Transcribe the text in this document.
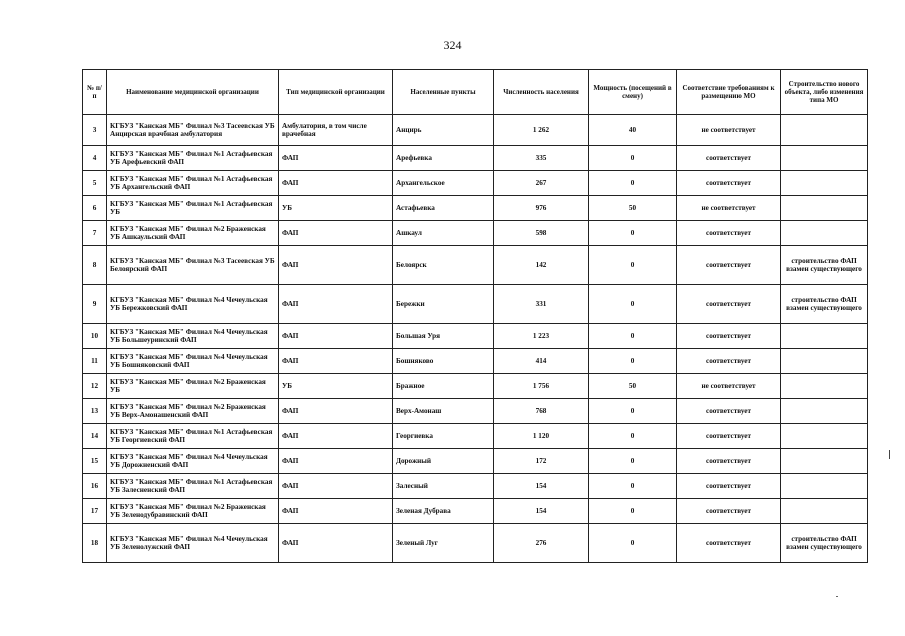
324
№ п/п	Наименование медицинской организации	Тип медицинской организации	Населенные пункты	Численность населения	Мощность (посещений в смену)	Соответствие требованиям к размещению МО	Строительство нового объекта, либо изменения типа МО
3	КГБУЗ "Канская МБ" Филиал №3 Тасеевская УБ Анцирская врачбная амбулатория	Амбулатория, в том числе врачебная	Анцирь	1 262	40	не соответствует	
4	КГБУЗ "Канская МБ" Филиал №1 Астафьевская УБ Арефьевский ФАП	ФАП	Арефьевка	335	0	соответствует	
5	КГБУЗ "Канская МБ" Филиал №1 Астафьевская УБ Архангельский ФАП	ФАП	Архангельское	267	0	соответствует	
6	КГБУЗ "Канская МБ" Филиал №1 Астафьевская УБ	УБ	Астафьевка	976	50	не соответствует	
7	КГБУЗ "Канская МБ" Филиал №2 Браженская УБ Ашкаульский ФАП	ФАП	Ашкаул	598	0	соответствует	
8	КГБУЗ "Канская МБ" Филиал №3 Тасеевская УБ Белоярский ФАП	ФАП	Белоярск	142	0	соответствует	строительство ФАП взамен существующего
9	КГБУЗ "Канская МБ" Филиал №4 Чечеульская УБ Бережковский ФАП	ФАП	Бережки	331	0	соответствует	строительство ФАП взамен существующего
10	КГБУЗ "Канская МБ" Филиал №4 Чечеульская УБ Большеуринский ФАП	ФАП	Большая Уря	1 223	0	соответствует	
11	КГБУЗ "Канская МБ" Филиал №4 Чечеульская УБ Бошняковский ФАП	ФАП	Бошняково	414	0	соответствует	
12	КГБУЗ "Канская МБ" Филиал №2 Браженская УБ	УБ	Бражное	1 756	50	не соответствует	
13	КГБУЗ "Канская МБ" Филиал №2 Браженская УБ Верх-Амонашенский ФАП	ФАП	Верх-Амонаш	768	0	соответствует	
14	КГБУЗ "Канская МБ" Филиал №1 Астафьевская УБ Георгиевский ФАП	ФАП	Георгиевка	1 120	0	соответствует	
15	КГБУЗ "Канская МБ" Филиал №4 Чечеульская УБ Дорожненский ФАП	ФАП	Дорожный	172	0	соответствует	
16	КГБУЗ "Канская МБ" Филиал №1 Астафьевская УБ Залесненский ФАП	ФАП	Залесный	154	0	соответствует	
17	КГБУЗ "Канская МБ" Филиал №2 Браженская УБ Зеленодубравинский ФАП	ФАП	Зеленая Дубрава	154	0	соответствует	
18	КГБУЗ "Канская МБ" Филиал №4 Чечеульская УБ Зеленолужский ФАП	ФАП	Зеленый Луг	276	0	соответствует	строительство ФАП взамен существующего
